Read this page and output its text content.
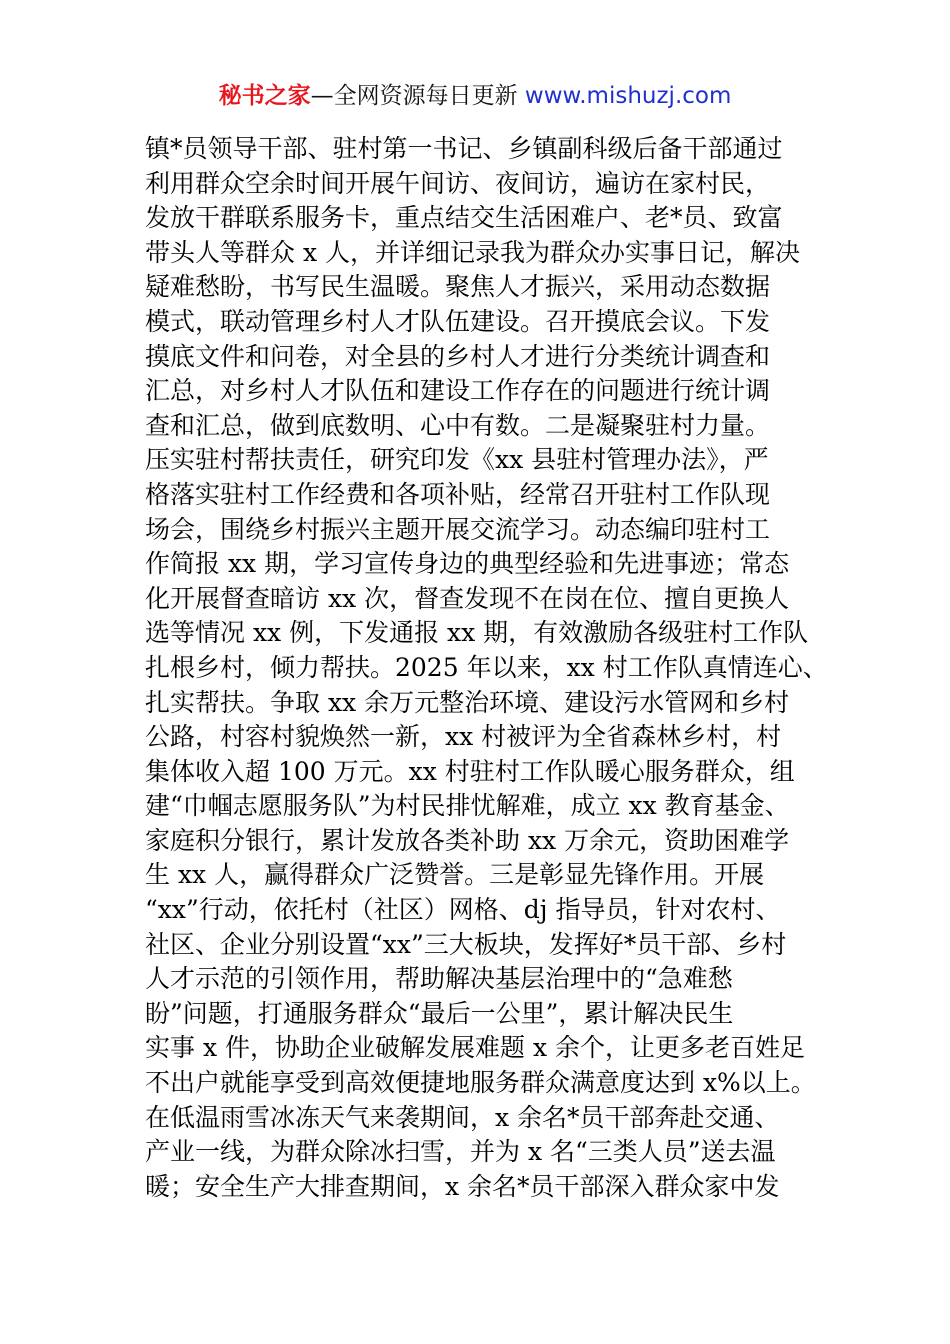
秘书之家—全网资源每日更新 www.mishuzj.com
镇*员领导干部、驻村第一书记、乡镇副科级后备干部通过
利用群众空余时间开展午间访、夜间访，遍访在家村民，
发放干群联系服务卡，重点结交生活困难户、老*员、致富
带头人等群众 x 人，并详细记录我为群众办实事日记，解决
疑难愁盼，书写民生温暖。聚焦人才振兴，采用动态数据
模式，联动管理乡村人才队伍建设。召开摸底会议。下发
摸底文件和问卷，对全县的乡村人才进行分类统计调查和
汇总，对乡村人才队伍和建设工作存在的问题进行统计调
查和汇总，做到底数明、心中有数。二是凝聚驻村力量。
压实驻村帮扶责任，研究印发《xx 县驻村管理办法》，严
格落实驻村工作经费和各项补贴，经常召开驻村工作队现
场会，围绕乡村振兴主题开展交流学习。动态编印驻村工
作简报 xx 期，学习宣传身边的典型经验和先进事迹；常态
化开展督查暗访 xx 次，督查发现不在岗在位、擅自更换人
选等情况 xx 例，下发通报 xx 期，有效激励各级驻村工作队
扎根乡村，倾力帮扶。2025 年以来，xx 村工作队真情连心、
扎实帮扶。争取 xx 余万元整治环境、建设污水管网和乡村
公路，村容村貌焕然一新，xx 村被评为全省森林乡村，村
集体收入超 100 万元。xx 村驻村工作队暖心服务群众，组
建“巾帼志愿服务队”为村民排忧解难，成立 xx 教育基金、
家庭积分银行，累计发放各类补助 xx 万余元，资助困难学
生 xx 人，赢得群众广泛赞誉。三是彰显先锋作用。开展
“xx”行动，依托村（社区）网格、dj 指导员，针对农村、
社区、企业分别设置“xx”三大板块，发挥好*员干部、乡村
人才示范的引领作用，帮助解决基层治理中的“急难愁
盼”问题，打通服务群众“最后一公里”，累计解决民生
实事 x 件，协助企业破解发展难题 x 余个，让更多老百姓足
不出户就能享受到高效便捷地服务群众满意度达到 x%以上。
在低温雨雪冰冻天气来袭期间，x 余名*员干部奔赴交通、
产业一线，为群众除冰扫雪，并为 x 名“三类人员”送去温
暖；安全生产大排查期间，x 余名*员干部深入群众家中发
